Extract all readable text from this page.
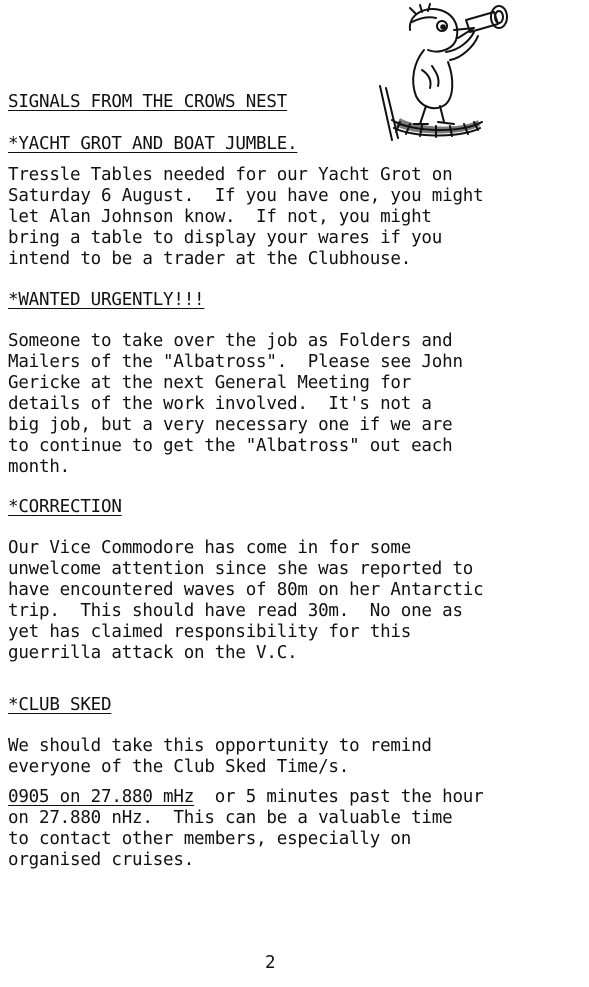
SIGNALS FROM THE CROWS NEST
*YACHT GROT AND BOAT JUMBLE.
Tressle Tables needed for our Yacht Grot on
Saturday 6 August.  If you have one, you might
let Alan Johnson know.  If not, you might
bring a table to display your wares if you
intend to be a trader at the Clubhouse.
*WANTED URGENTLY!!!
Someone to take over the job as Folders and
Mailers of the "Albatross".  Please see John
Gericke at the next General Meeting for
details of the work involved.  It's not a
big job, but a very necessary one if we are
to continue to get the "Albatross" out each
month.
*CORRECTION
Our Vice Commodore has come in for some
unwelcome attention since she was reported to
have encountered waves of 80m on her Antarctic
trip.  This should have read 30m.  No one as
yet has claimed responsibility for this
guerrilla attack on the V.C.
*CLUB SKED
We should take this opportunity to remind
everyone of the Club Sked Time/s.
0905 on 27.880 mHz  or 5 minutes past the hour
on 27.880 nHz.  This can be a valuable time
to contact other members, especially on
organised cruises.
2
